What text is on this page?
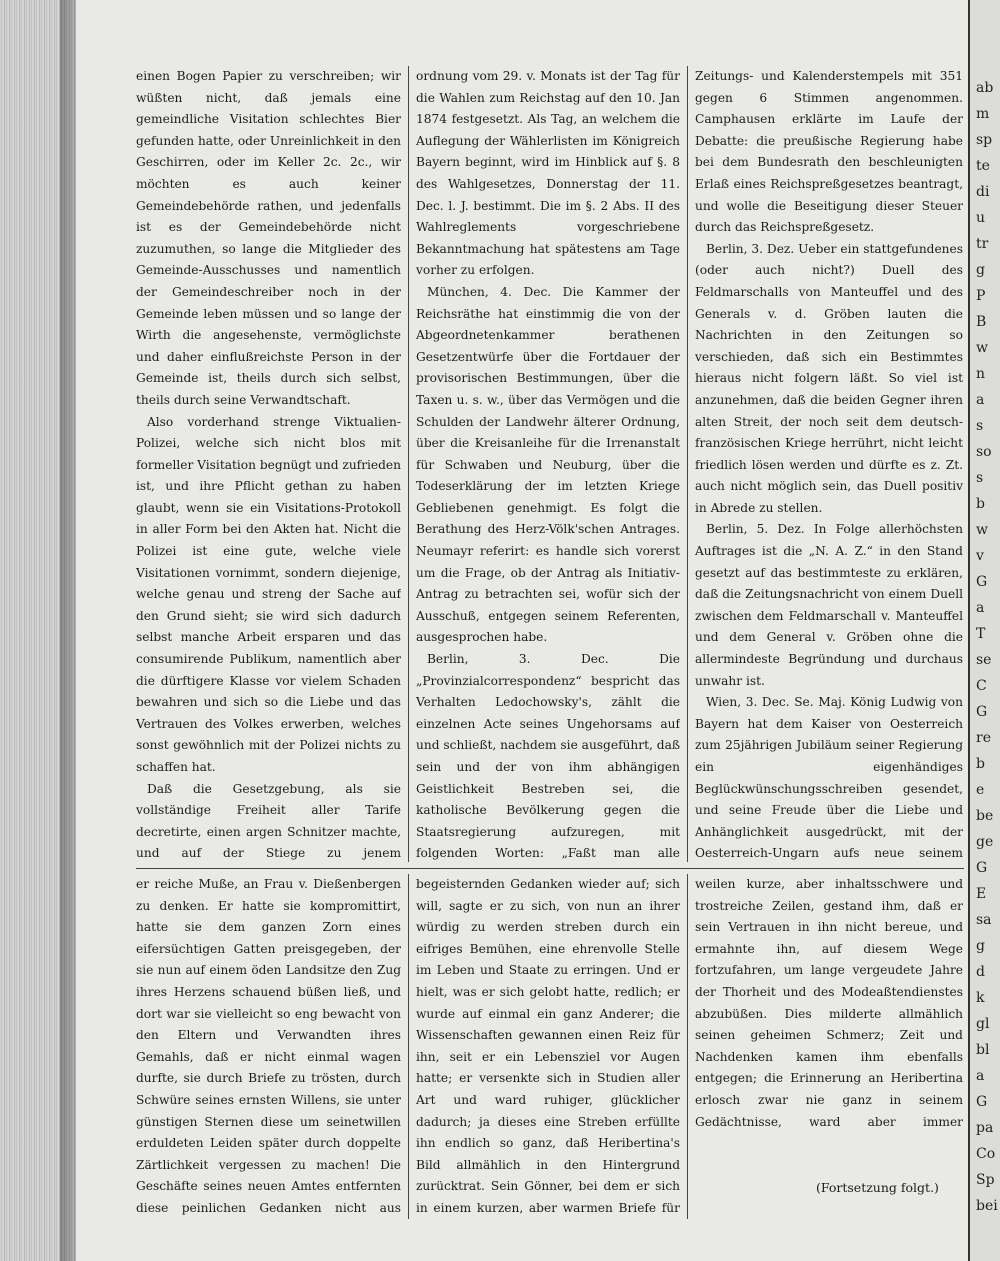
einen Bogen Papier zu verschreiben; wir wüßten nicht, daß jemals eine gemeindliche Visitation schlechtes Bier gefunden hatte, oder Unreinlichkeit in den Geschirren, oder im Keller 2c. 2c., wir möchten es auch keiner Gemeindebehörde rathen, und jedenfalls ist es der Gemeindebehörde nicht zuzumuthen, so lange die Mitglieder des Gemeinde-Ausschusses und namentlich der Gemeindeschreiber noch in der Gemeinde leben müssen und so lange der Wirth die angesehenste, vermöglichste und daher einflußreichste Person in der Gemeinde ist, theils durch sich selbst, theils durch seine Verwandtschaft.

Also vorderhand strenge Viktualien-Polizei, welche sich nicht blos mit formeller Visitation begnügt und zufrieden ist, und ihre Pflicht gethan zu haben glaubt, wenn sie ein Visitations-Protokoll in aller Form bei den Akten hat. Nicht die Polizei ist eine gute, welche viele Visitationen vornimmt, sondern diejenige, welche genau und streng der Sache auf den Grund sieht; sie wird sich dadurch selbst manche Arbeit ersparen und das consumirende Publikum, namentlich aber die dürftigere Klasse vor vielem Schaden bewahren und sich so die Liebe und das Vertrauen des Volkes erwerben, welches sonst gewöhnlich mit der Polizei nichts zu schaffen hat.

Daß die Gesetzgebung, als sie vollständige Freiheit aller Tarife decretirte, einen argen Schnitzer machte, und auf der Stiege zu jenem

ordnung vom 29. v. Monats ist der Tag für die Wahlen zum Reichstag auf den 10. Jan 1874 festgesetzt. Als Tag, an welchem die Auflegung der Wählerlisten im Königreich Bayern beginnt, wird im Hinblick auf §. 8 des Wahlgesetzes, Donnerstag der 11. Dec. l. J. bestimmt. Die im §. 2 Abs. II des Wahlreglements vorgeschriebene Bekanntmachung hat spätestens am Tage vorher zu erfolgen.

München, 4. Dec. Die Kammer der Reichsräthe hat einstimmig die von der Abgeordnetenkammer berathenen Gesetzentwürfe über die Fortdauer der provisorischen Bestimmungen, über die Taxen u. s. w., über das Vermögen und die Schulden der Landwehr älterer Ordnung, über die Kreisanleihe für die Irrenanstalt für Schwaben und Neuburg, über die Todeserklärung der im letzten Kriege Gebliebenen genehmigt. Es folgt die Berathung des Herz-Völk'schen Antrages. Neumayr referirt: es handle sich vorerst um die Frage, ob der Antrag als Initiativ-Antrag zu betrachten sei, wofür sich der Ausschuß, entgegen seinem Referenten, ausgesprochen habe.

Berlin, 3. Dec. Die „Provinzialcorrespondenz“ bespricht das Verhalten Ledochowsky's, zählt die einzelnen Acte seines Ungehorsams auf und schließt, nachdem sie ausgeführt, daß sein und der von ihm abhängigen Geistlichkeit Bestreben sei, die katholische Bevölkerung gegen die Staatsregierung aufzuregen, mit folgenden Worten: „Faßt man alle

Zeitungs- und Kalenderstempels mit 351 gegen 6 Stimmen angenommen. Camphausen erklärte im Laufe der Debatte: die preußische Regierung habe bei dem Bundesrath den beschleunigten Erlaß eines Reichspreßgesetzes beantragt, und wolle die Beseitigung dieser Steuer durch das Reichspreßgesetz.

Berlin, 3. Dez. Ueber ein stattgefundenes (oder auch nicht?) Duell des Feldmarschalls von Manteuffel und des Generals v. d. Gröben lauten die Nachrichten in den Zeitungen so verschieden, daß sich ein Bestimmtes hieraus nicht folgern läßt. So viel ist anzunehmen, daß die beiden Gegner ihren alten Streit, der noch seit dem deutsch-französischen Kriege herrührt, nicht leicht friedlich lösen werden und dürfte es z. Zt. auch nicht möglich sein, das Duell positiv in Abrede zu stellen.

Berlin, 5. Dez. In Folge allerhöchsten Auftrages ist die „N. A. Z.“ in den Stand gesetzt auf das bestimmteste zu erklären, daß die Zeitungsnachricht von einem Duell zwischen dem Feldmarschall v. Manteuffel und dem General v. Gröben ohne die allermindeste Begründung und durchaus unwahr ist.

Wien, 3. Dec. Se. Maj. König Ludwig von Bayern hat dem Kaiser von Oesterreich zum 25jährigen Jubiläum seiner Regierung ein eigenhändiges Beglückwünschungsschreiben gesendet, und seine Freude über die Liebe und Anhänglichkeit ausgedrückt, mit der Oesterreich-Ungarn aufs neue seinem

er reiche Muße, an Frau v. Dießenbergen zu denken. Er hatte sie kompromittirt, hatte sie dem ganzen Zorn eines eifersüchtigen Gatten preisgegeben, der sie nun auf einem öden Landsitze den Zug ihres Herzens schauend büßen ließ, und dort war sie vielleicht so eng bewacht von den Eltern und Verwandten ihres Gemahls, daß er nicht einmal wagen durfte, sie durch Briefe zu trösten, durch Schwüre seines ernsten Willens, sie unter günstigen Sternen diese um seinetwillen erduldeten Leiden später durch doppelte Zärtlichkeit vergessen zu machen! Die Geschäfte seines neuen Amtes entfernten diese peinlichen Gedanken nicht aus

begeisternden Gedanken wieder auf; sich will, sagte er zu sich, von nun an ihrer würdig zu werden streben durch ein eifriges Bemühen, eine ehrenvolle Stelle im Leben und Staate zu erringen. Und er hielt, was er sich gelobt hatte, redlich; er wurde auf einmal ein ganz Anderer; die Wissenschaften gewannen einen Reiz für ihn, seit er ein Lebensziel vor Augen hatte; er versenkte sich in Studien aller Art und ward ruhiger, glücklicher dadurch; ja dieses eine Streben erfüllte ihn endlich so ganz, daß Heribertina's Bild allmählich in den Hintergrund zurücktrat. Sein Gönner, bei dem er sich in einem kurzen, aber warmen Briefe für

weilen kurze, aber inhaltsschwere und trostreiche Zeilen, gestand ihm, daß er sein Vertrauen in ihn nicht bereue, und ermahnte ihn, auf diesem Wege fortzufahren, um lange vergeudete Jahre der Thorheit und des Modeaßtendienstes abzubüßen. Dies milderte allmählich seinen geheimen Schmerz; Zeit und Nachdenken kamen ihm ebenfalls entgegen; die Erinnerung an Heribertina erlosch zwar nie ganz in seinem Gedächtnisse, ward aber immer

(Fortsetzung folgt.)
ab
m
sp
te
di
u
tr
g
P
B
w
n
a
s
so
s
b
w
v
G
a
T
se
C
G
re
b
e
be
ge
G
E
sa
g
d
k
gl
bl
a
G
pa
Co
Sp
bei
